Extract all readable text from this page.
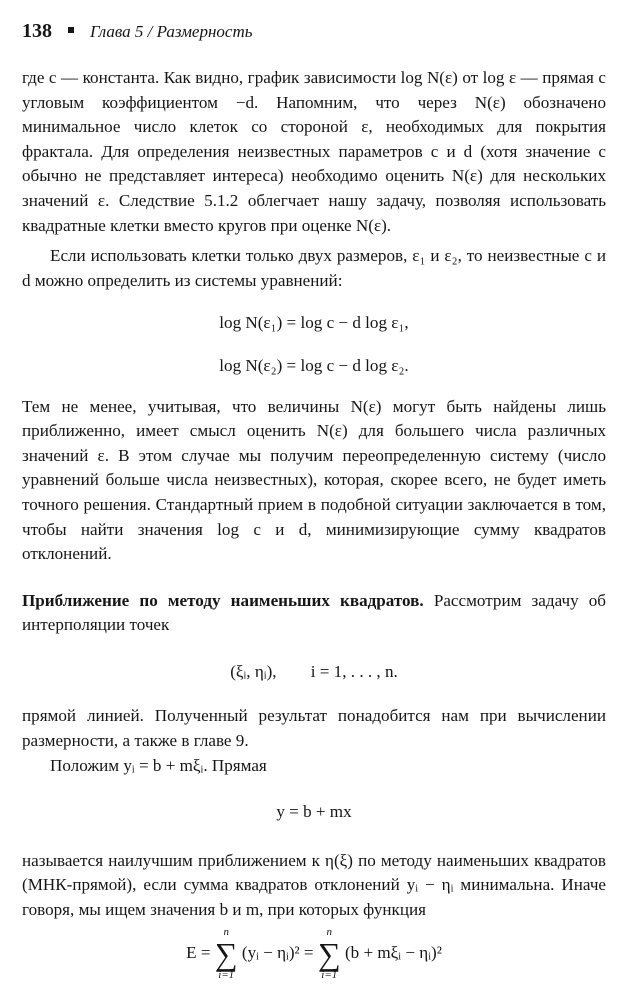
138 Глава 5 / Размерность

где c — константа. Как видно, график зависимости log N(ε) от log ε — прямая с угловым коэффициентом −d. Напомним, что через N(ε) обозначено минимальное число клеток со стороной ε, необходимых для покрытия фрактала. Для определения неизвестных параметров c и d (хотя значение c обычно не представляет интереса) необходимо оценить N(ε) для нескольких значений ε. Следствие 5.1.2 облегчает нашу задачу, позволяя использовать квадратные клетки вместо кругов при оценке N(ε).

Если использовать клетки только двух размеров, ε₁ и ε₂, то неизвестные c и d можно определить из системы уравнений:

log N(ε₁) = log c − d log ε₁,
log N(ε₂) = log c − d log ε₂.

Тем не менее, учитывая, что величины N(ε) могут быть найдены лишь приближенно, имеет смысл оценить N(ε) для большего числа различных значений ε. В этом случае мы получим переопределенную систему (число уравнений больше числа неизвестных), которая, скорее всего, не будет иметь точного решения. Стандартный прием в подобной ситуации заключается в том, чтобы найти значения log c и d, минимизирующие сумму квадратов отклонений.

Приближение по методу наименьших квадратов. Рассмотрим задачу об интерполяции точек

(ξᵢ, ηᵢ),        i = 1, . . . , n.

прямой линией. Полученный результат понадобится нам при вычислении размерности, а также в главе 9.

Положим yᵢ = b + mξᵢ. Прямая

y = b + mx

называется наилучшим приближением к η(ξ) по методу наименьших квадратов (МНК-прямой), если сумма квадратов отклонений yᵢ − ηᵢ минимальна. Иначе говоря, мы ищем значения b и m, при которых функция

E =
n
∑
i=1
(yᵢ − ηᵢ)² =
n
∑
i=1
(b + mξᵢ − ηᵢ)²
